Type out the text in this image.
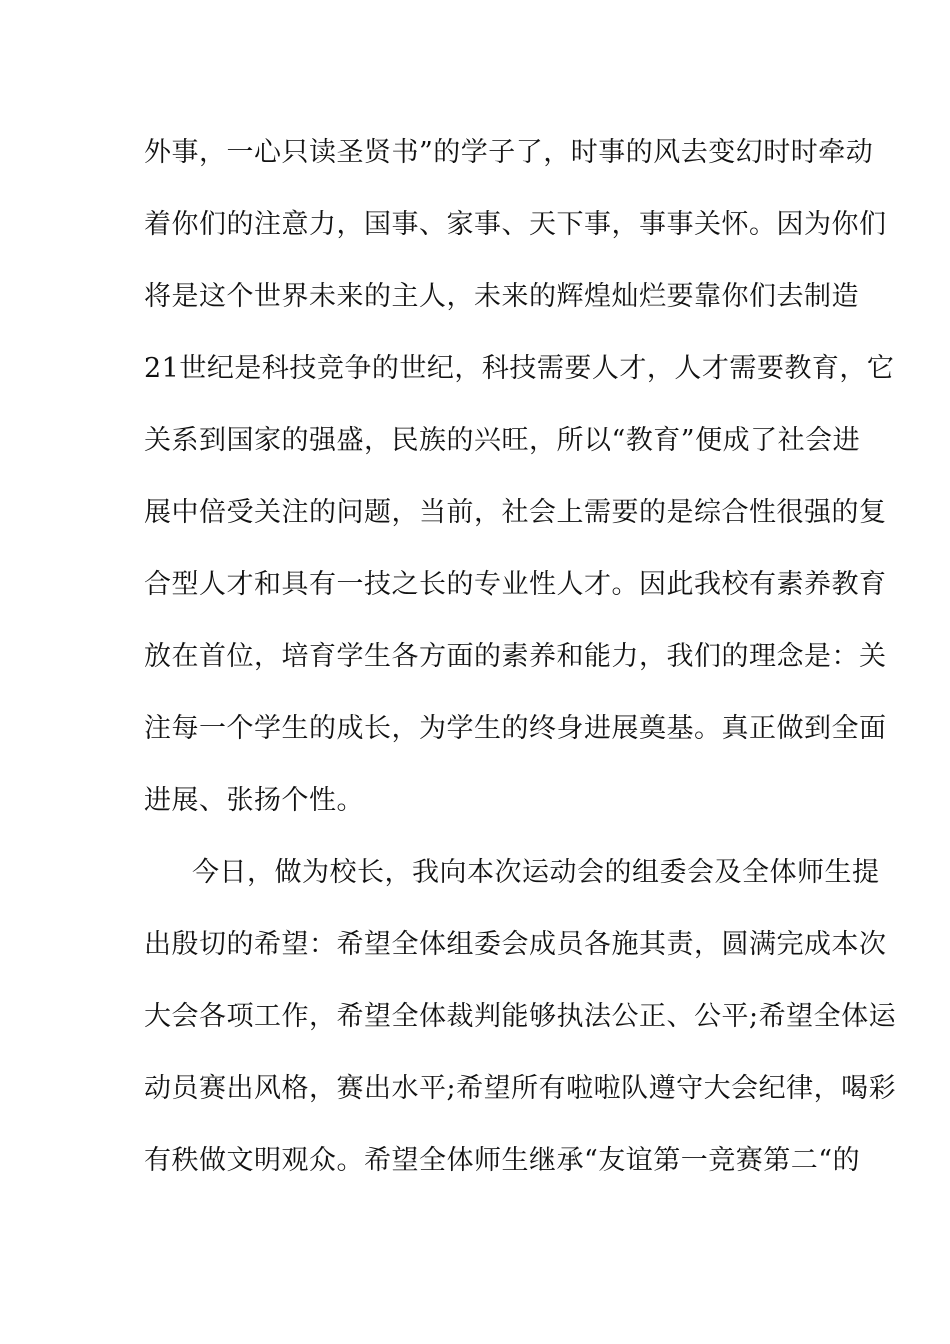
外事，一心只读圣贤书”的学子了，时事的风去变幻时时牵动
着你们的注意力，国事、家事、天下事，事事关怀。因为你们
将是这个世界未来的主人，未来的辉煌灿烂要靠你们去制造
21世纪是科技竞争的世纪，科技需要人才，人才需要教育，它
关系到国家的强盛，民族的兴旺，所以“教育”便成了社会进
展中倍受关注的问题，当前，社会上需要的是综合性很强的复
合型人才和具有一技之长的专业性人才。因此我校有素养教育
放在首位，培育学生各方面的素养和能力，我们的理念是：关
注每一个学生的成长，为学生的终身进展奠基。真正做到全面
进展、张扬个性。
今日，做为校长，我向本次运动会的组委会及全体师生提
出殷切的希望：希望全体组委会成员各施其责，圆满完成本次
大会各项工作，希望全体裁判能够执法公正、公平;希望全体运
动员赛出风格，赛出水平;希望所有啦啦队遵守大会纪律，喝彩
有秩做文明观众。希望全体师生继承“友谊第一竞赛第二“的
